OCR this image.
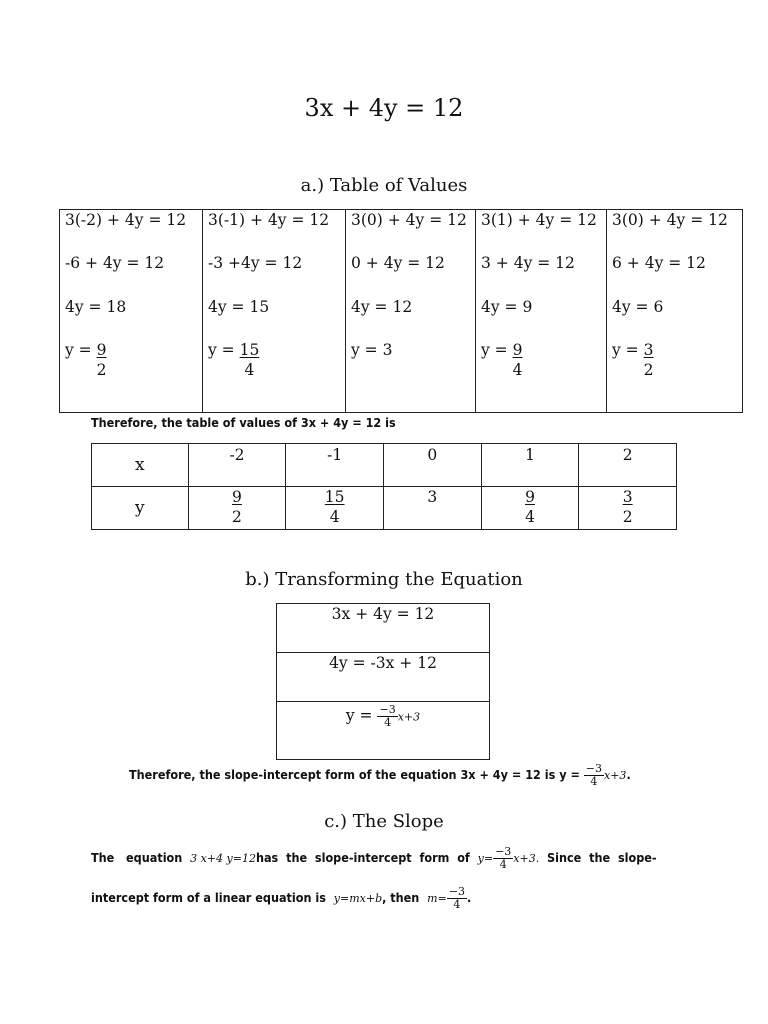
3x + 4y = 12
a.) Table of Values
3(-2) + 4y = 12
-6 + 4y = 12
4y = 18
$y = \frac{9}{2}$

3(-1) + 4y = 12
-3 +4y = 12
4y = 15
$y = \frac{15}{4}$

3(0) + 4y = 12
0 + 4y = 12
4y = 12
y = 3

3(1) + 4y = 12
3 + 4y = 12
4y = 9
$y = \frac{9}{4}$

3(0) + 4y = 12
6 + 4y = 12
4y = 6
$y = \frac{3}{2}$
Therefore, the table of values of 3x + 4y = 12 is
x	-2	-1	0	1	2
y	$\frac{9}{2}$	$\frac{15}{4}$	3	$\frac{9}{4}$	$\frac{3}{2}$
b.) Transforming the Equation
3x + 4y = 12
4y = -3x + 12
$y = \frac{-3}{4} x+3$
Therefore, the slope-intercept form of the equation 3x + 4y = 12 is $y = \frac{-3}{4} x+3$.
c.) The Slope
The   equation  3 x+4 y=12has  the  slope-intercept  form  of  $y= \frac{-3}{4} x+3$.  Since  the  slope-
intercept form of a linear equation is  y=mx+b, then  $m= \frac{-3}{4}$ .
